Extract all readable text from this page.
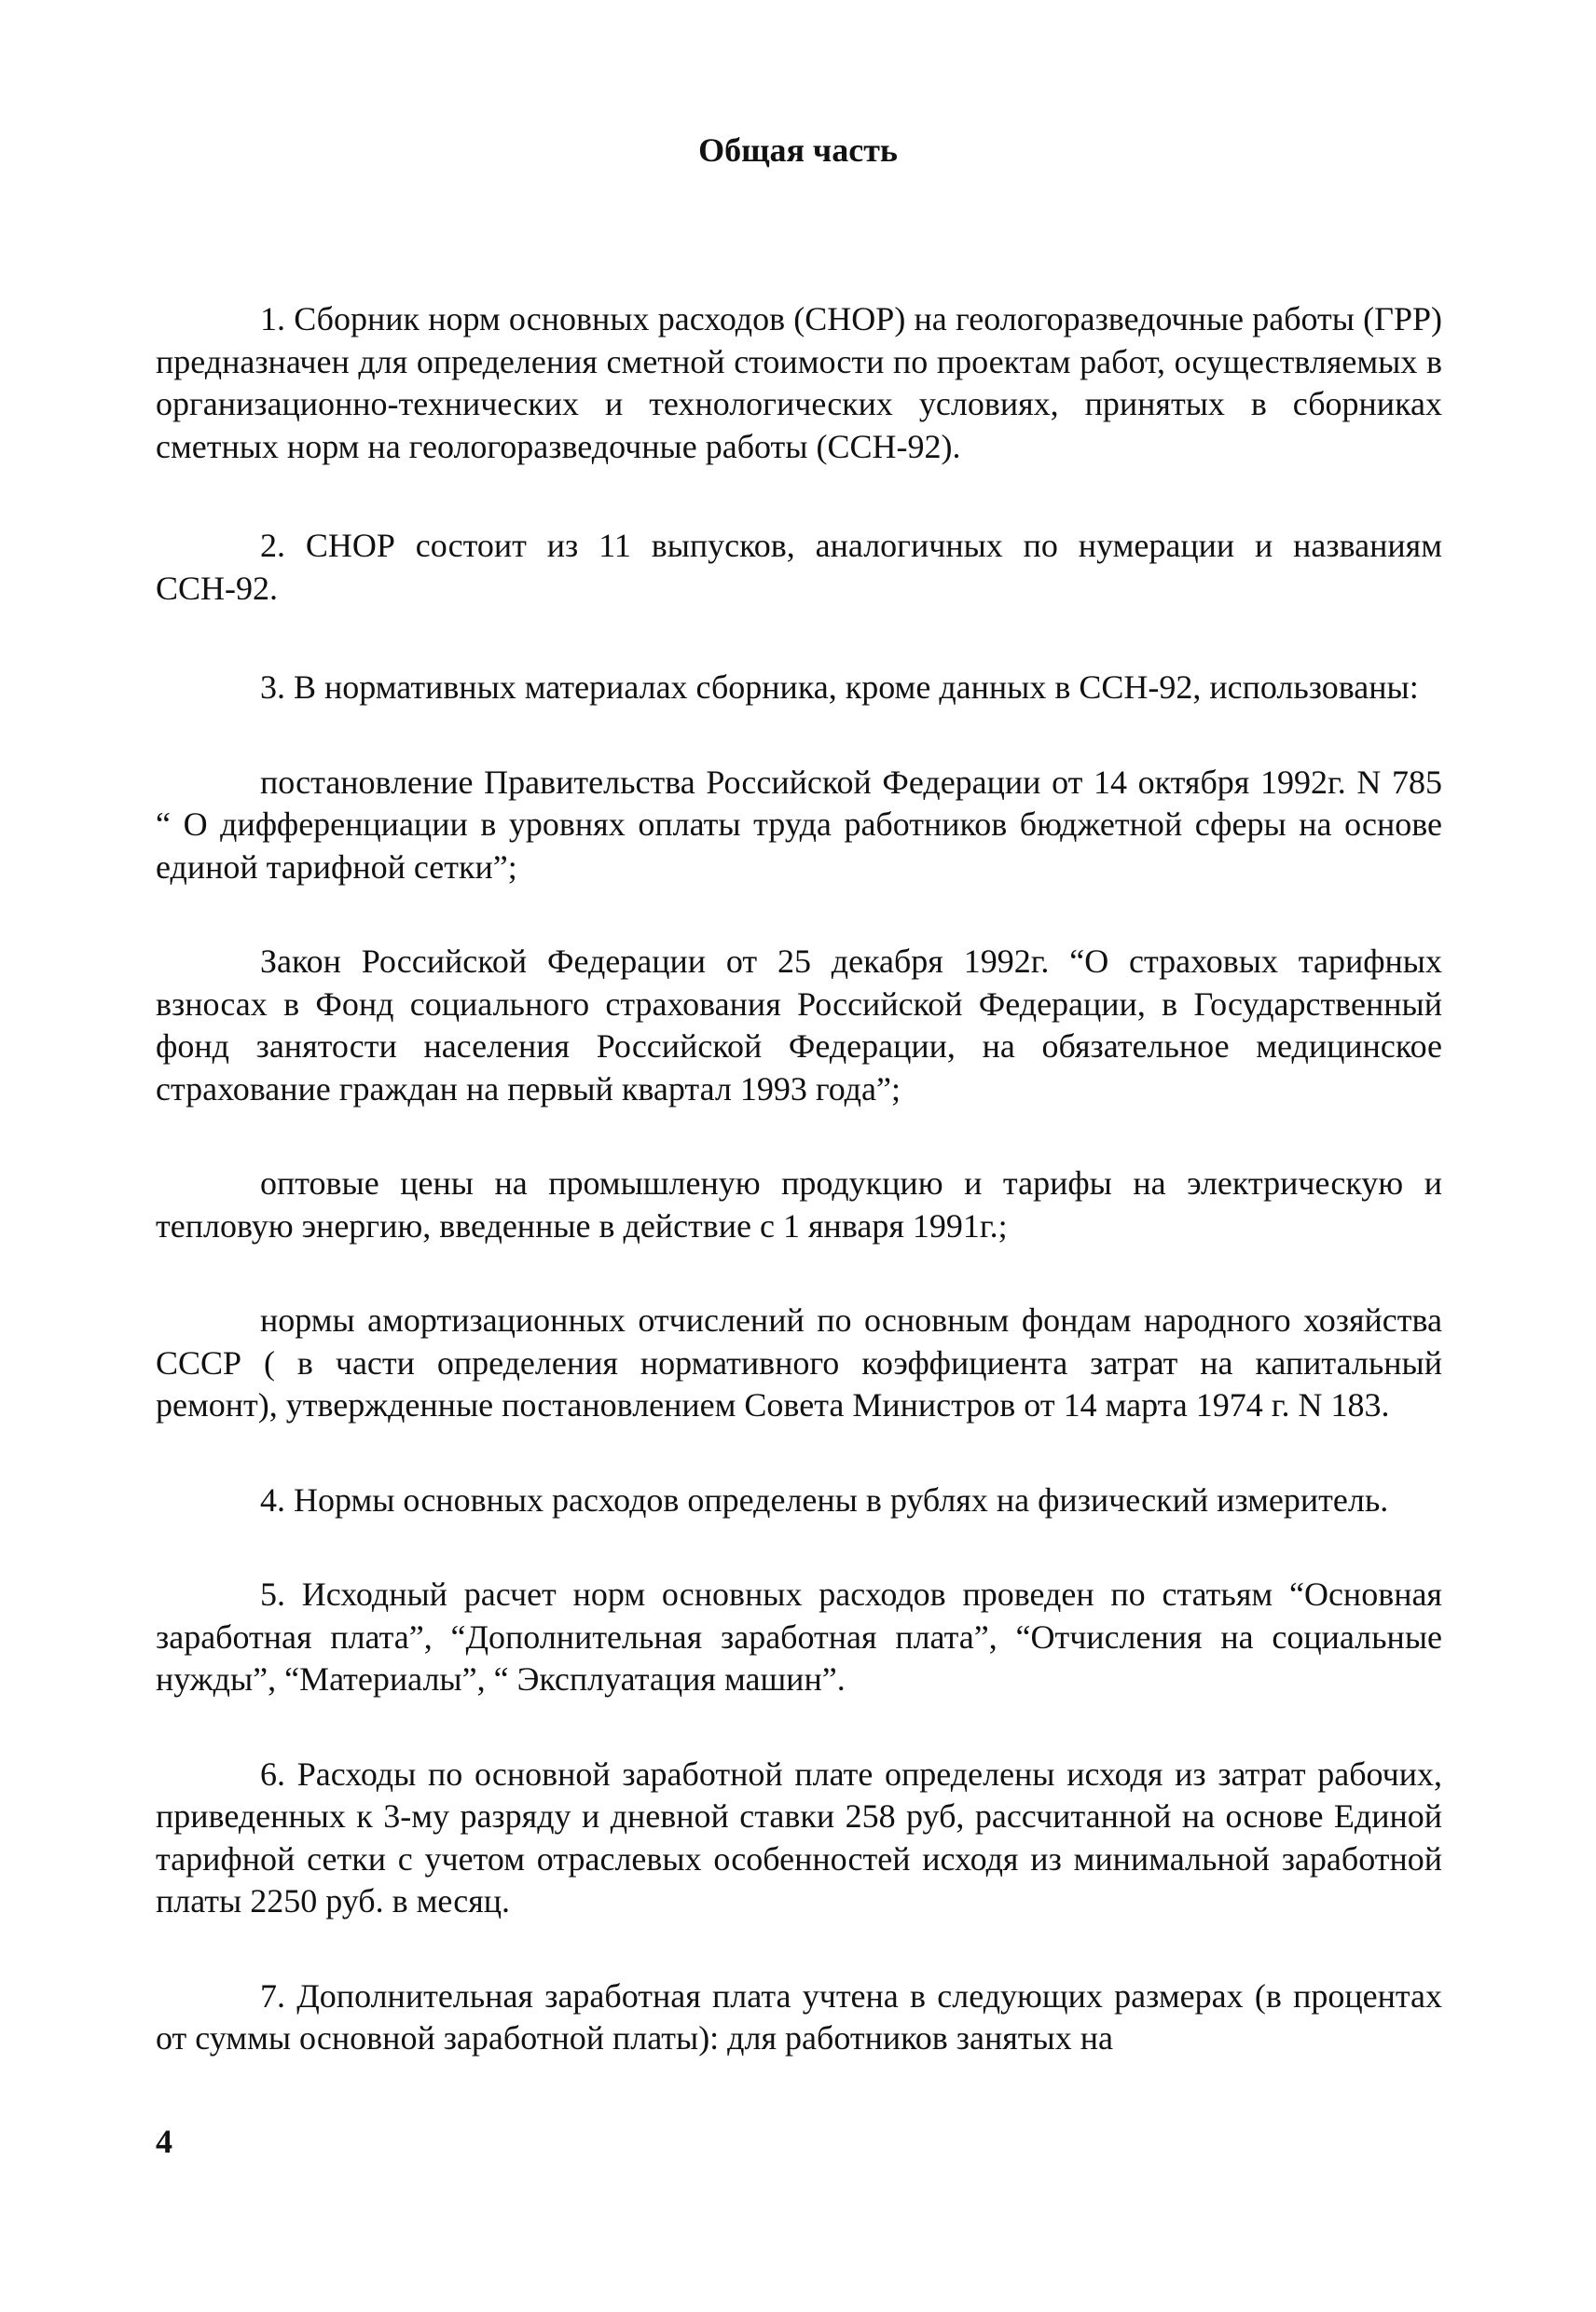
Общая часть

1. Сборник норм основных расходов (СНОР) на геологоразведочные работы (ГРР) предназначен для определения сметной стоимости по проектам работ, осуществляемых в организационно-технических и технологических условиях, принятых в сборниках сметных норм на геологоразведочные работы (ССН-92).

2. СНОР состоит из 11 выпусков, аналогичных по нумерации и названиям ССН-92.

3. В нормативных материалах сборника, кроме данных в ССН-92, использованы:

постановление Правительства Российской Федерации от 14 октября 1992г. N 785 “ О дифференциации в уровнях оплаты труда работников бюджетной сферы на основе единой тарифной сетки”;

Закон Российской Федерации от 25 декабря 1992г. “О страховых тарифных взносах в Фонд социального страхования Российской Федерации, в Государственный фонд занятости населения Российской Федерации, на обязательное медицинское страхование граждан на первый квартал 1993 года”;

оптовые цены на промышленую продукцию и тарифы на электрическую и тепловую энергию, введенные в действие с 1 января 1991г.;

нормы амортизационных отчислений по основным фондам народного хозяйства СССР ( в части определения нормативного коэффициента затрат на капитальный ремонт), утвержденные постановлением Совета Министров от 14 марта 1974 г. N 183.

4. Нормы основных расходов определены в рублях на физический измеритель.

5. Исходный расчет норм основных расходов проведен по статьям “Основная заработная плата”, “Дополнительная заработная плата”, “Отчисления на социальные нужды”, “Материалы”, “ Эксплуатация машин”.

6. Расходы по основной заработной плате определены исходя из затрат рабочих, приведенных к 3-му разряду и дневной ставки 258 руб, рассчитанной на основе Единой тарифной сетки с учетом отраслевых особенностей исходя из минимальной заработной платы 2250 руб. в месяц.

7. Дополнительная заработная плата учтена в следующих размерах (в процентах от суммы основной заработной платы): для работников занятых на

4
